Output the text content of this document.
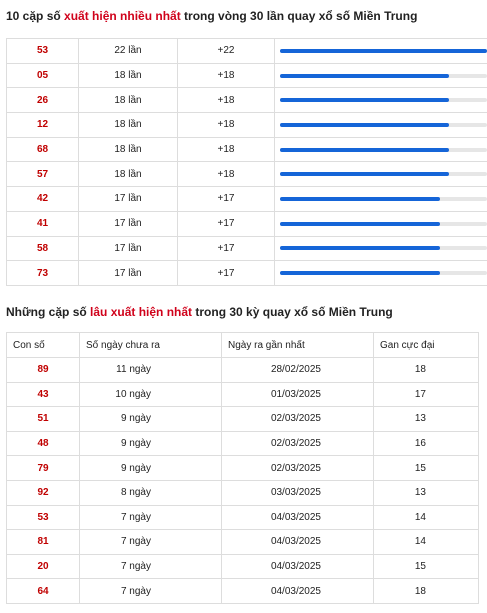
10 cặp số xuất hiện nhiều nhất trong vòng 30 lần quay xổ số Miền Trung
53	22 lần	+22	

05	18 lần	+18	

26	18 lần	+18	

12	18 lần	+18	

68	18 lần	+18	

57	18 lần	+18	

42	17 lần	+17	

41	17 lần	+17	

58	17 lần	+17	

73	17 lần	+17	
Những cặp số lâu xuất hiện nhất trong 30 kỳ quay xổ số Miền Trung
Con số	Số ngày chưa ra	Ngày ra gần nhất	Gan cực đại
89	11 ngày	28/02/2025	18
43	10 ngày	01/03/2025	17
51	9 ngày	02/03/2025	13
48	9 ngày	02/03/2025	16
79	9 ngày	02/03/2025	15
92	8 ngày	03/03/2025	13
53	7 ngày	04/03/2025	14
81	7 ngày	04/03/2025	14
20	7 ngày	04/03/2025	15
64	7 ngày	04/03/2025	18
